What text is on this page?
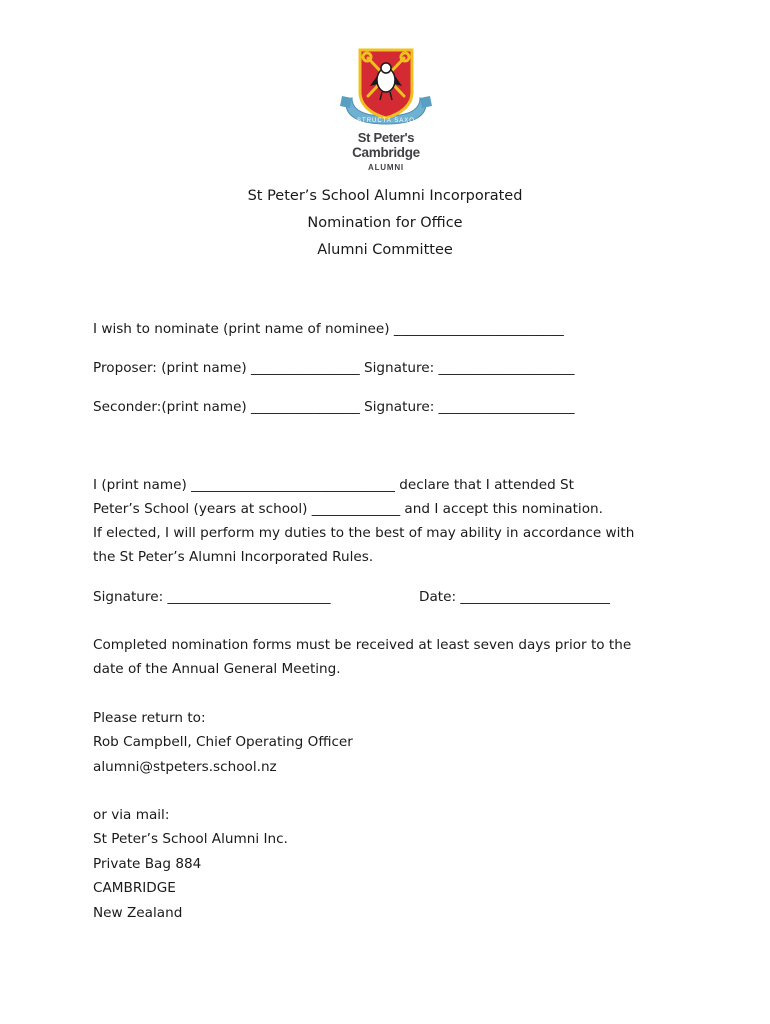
STRUCTA SAXO
St Peter's
Cambridge
ALUMNI
St Peter’s School Alumni Incorporated
Nomination for Office
Alumni Committee
I wish to nominate (print name of nominee) _________________________
Proposer: (print name) ________________ Signature: ____________________
Seconder:(print name) ________________ Signature: ____________________
I (print name) ______________________________ declare that I attended St
Peter’s School (years at school) _____________ and I accept this nomination.
If elected, I will perform my duties to the best of may ability in accordance with
the St Peter’s Alumni Incorporated Rules.
Signature: ________________________	Date: ______________________
Completed nomination forms must be received at least seven days prior to the
date of the Annual General Meeting.
Please return to:
Rob Campbell, Chief Operating Officer
alumni@stpeters.school.nz
or via mail:
St Peter’s School Alumni Inc.
Private Bag 884
CAMBRIDGE
New Zealand
